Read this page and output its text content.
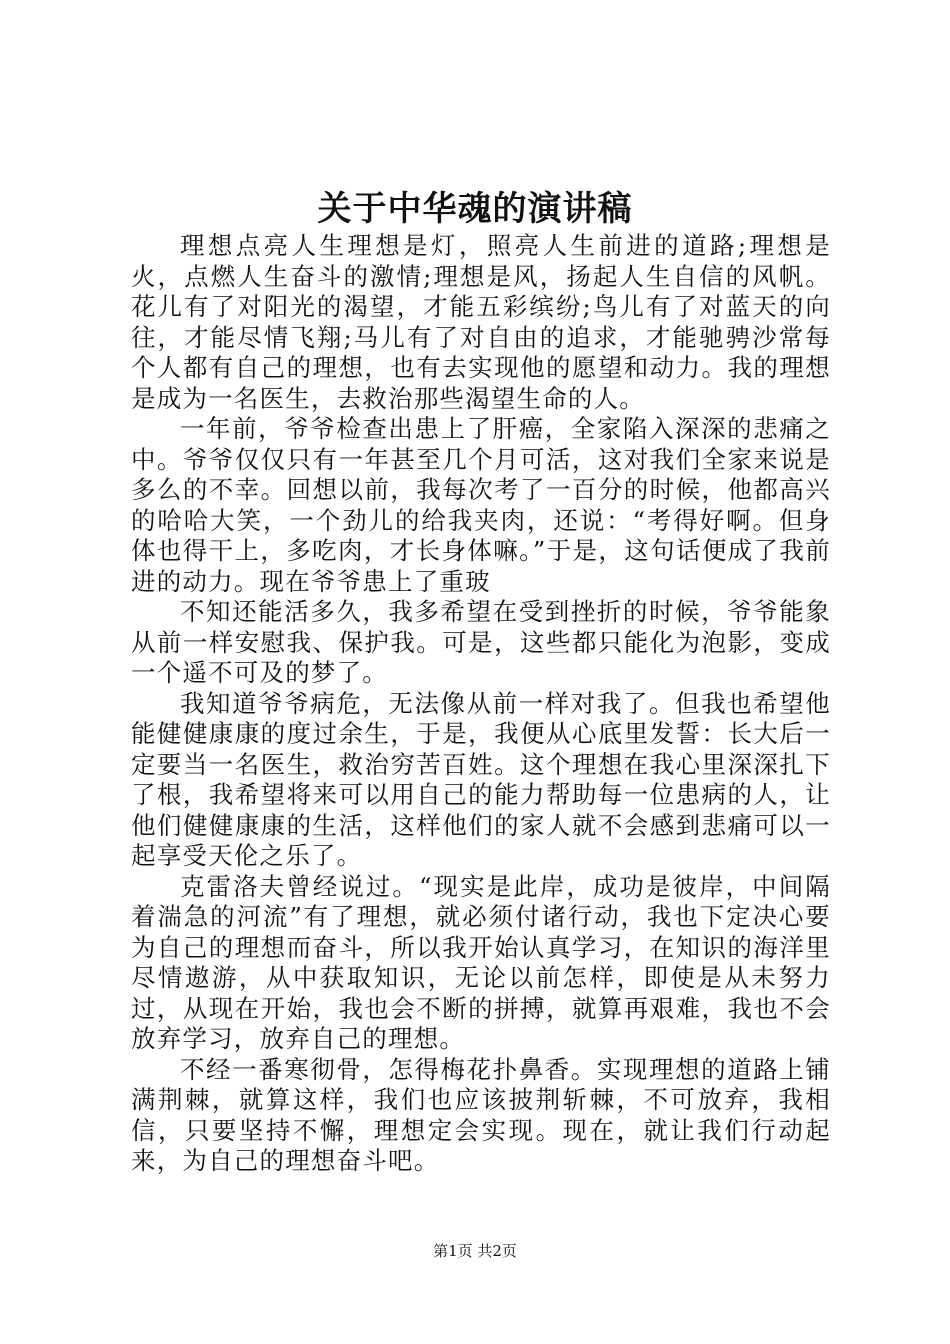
关于中华魂的演讲稿

理想点亮人生理想是灯，照亮人生前进的道路;理想是火，点燃人生奋斗的激情;理想是风，扬起人生自信的风帆。花儿有了对阳光的渴望，才能五彩缤纷;鸟儿有了对蓝天的向往，才能尽情飞翔;马儿有了对自由的追求，才能驰骋沙常每个人都有自己的理想，也有去实现他的愿望和动力。我的理想是成为一名医生，去救治那些渴望生命的人。

一年前，爷爷检查出患上了肝癌，全家陷入深深的悲痛之中。爷爷仅仅只有一年甚至几个月可活，这对我们全家来说是多么的不幸。回想以前，我每次考了一百分的时候，他都高兴的哈哈大笑，一个劲儿的给我夹肉，还说：“考得好啊。但身体也得干上，多吃肉，才长身体嘛。”于是，这句话便成了我前进的动力。现在爷爷患上了重玻

不知还能活多久，我多希望在受到挫折的时候，爷爷能象从前一样安慰我、保护我。可是，这些都只能化为泡影，变成一个遥不可及的梦了。

我知道爷爷病危，无法像从前一样对我了。但我也希望他能健健康康的度过余生，于是，我便从心底里发誓：长大后一定要当一名医生，救治穷苦百姓。这个理想在我心里深深扎下了根，我希望将来可以用自己的能力帮助每一位患病的人，让他们健健康康的生活，这样他们的家人就不会感到悲痛可以一起享受天伦之乐了。

克雷洛夫曾经说过。“现实是此岸，成功是彼岸，中间隔着湍急的河流”有了理想，就必须付诸行动，我也下定决心要为自己的理想而奋斗，所以我开始认真学习，在知识的海洋里尽情遨游，从中获取知识，无论以前怎样，即使是从未努力过，从现在开始，我也会不断的拼搏，就算再艰难，我也不会放弃学习，放弃自己的理想。

不经一番寒彻骨，怎得梅花扑鼻香。实现理想的道路上铺满荆棘，就算这样，我们也应该披荆斩棘，不可放弃，我相信，只要坚持不懈，理想定会实现。现在，就让我们行动起来，为自己的理想奋斗吧。

第1页 共2页
